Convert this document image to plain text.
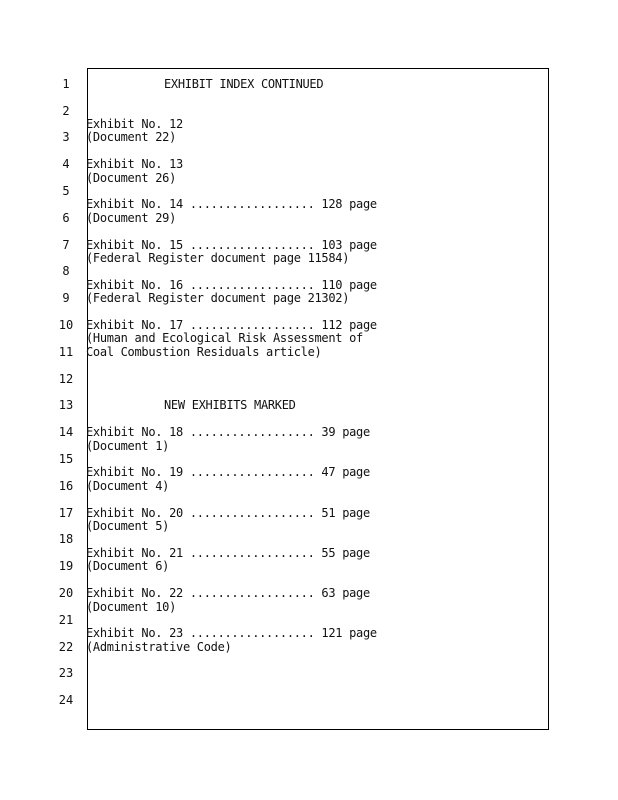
1
2
3
4
5
6
7
8
9
10
11
12
13
14
15
16
17
18
19
20
21
22
23
24
EXHIBIT INDEX CONTINUED
Exhibit No. 12
(Document 22)
Exhibit No. 13
(Document 26)
Exhibit No. 14 .................. 128 page
(Document 29)
Exhibit No. 15 .................. 103 page
(Federal Register document page 11584)
Exhibit No. 16 .................. 110 page
(Federal Register document page 21302)
Exhibit No. 17 .................. 112 page
(Human and Ecological Risk Assessment of
Coal Combustion Residuals article)
NEW EXHIBITS MARKED
Exhibit No. 18 .................. 39 page
(Document 1)
Exhibit No. 19 .................. 47 page
(Document 4)
Exhibit No. 20 .................. 51 page
(Document 5)
Exhibit No. 21 .................. 55 page
(Document 6)
Exhibit No. 22 .................. 63 page
(Document 10)
Exhibit No. 23 .................. 121 page
(Administrative Code)
